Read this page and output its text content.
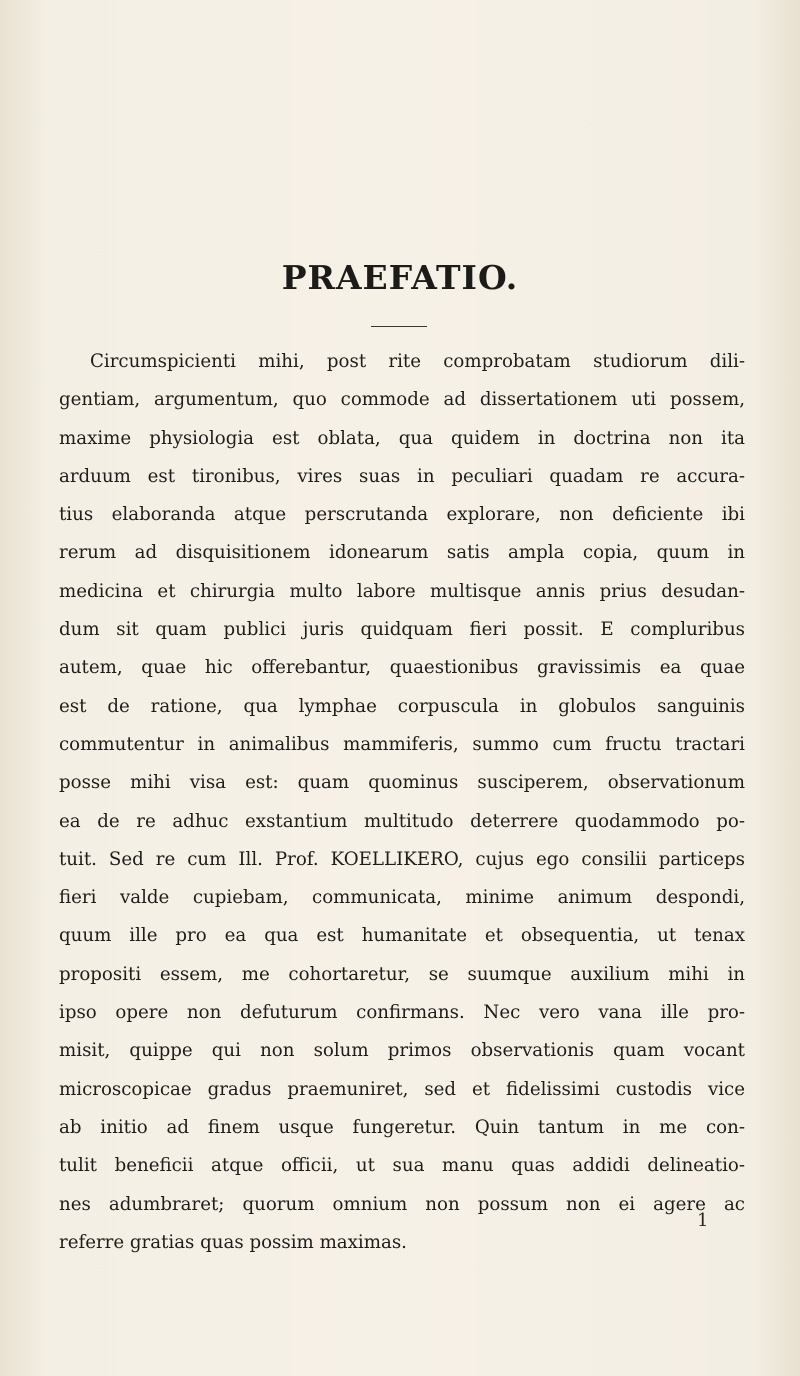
PRAEFATIO.
Circumspicienti mihi, post rite comprobatam studiorum dili-
gentiam, argumentum, quo commode ad dissertationem uti possem,
maxime physiologia est oblata, qua quidem in doctrina non ita
arduum est tironibus, vires suas in peculiari quadam re accura-
tius elaboranda atque perscrutanda explorare, non deficiente ibi
rerum ad disquisitionem idonearum satis ampla copia, quum in
medicina et chirurgia multo labore multisque annis prius desudan-
dum sit quam publici juris quidquam fieri possit. E compluribus
autem, quae hic offerebantur, quaestionibus gravissimis ea quae
est de ratione, qua lymphae corpuscula in globulos sanguinis
commutentur in animalibus mammiferis, summo cum fructu tractari
posse mihi visa est: quam quominus susciperem, observationum
ea de re adhuc exstantium multitudo deterrere quodammodo po-
tuit. Sed re cum Ill. Prof. KOELLIKERO, cujus ego consilii particeps
fieri valde cupiebam, communicata, minime animum despondi,
quum ille pro ea qua est humanitate et obsequentia, ut tenax
propositi essem, me cohortaretur, se suumque auxilium mihi in
ipso opere non defuturum confirmans. Nec vero vana ille pro-
misit, quippe qui non solum primos observationis quam vocant
microscopicae gradus praemuniret, sed et fidelissimi custodis vice
ab initio ad finem usque fungeretur. Quin tantum in me con-
tulit beneficii atque officii, ut sua manu quas addidi delineatio-
nes adumbraret; quorum omnium non possum non ei agere ac
referre gratias quas possim maximas.
1
